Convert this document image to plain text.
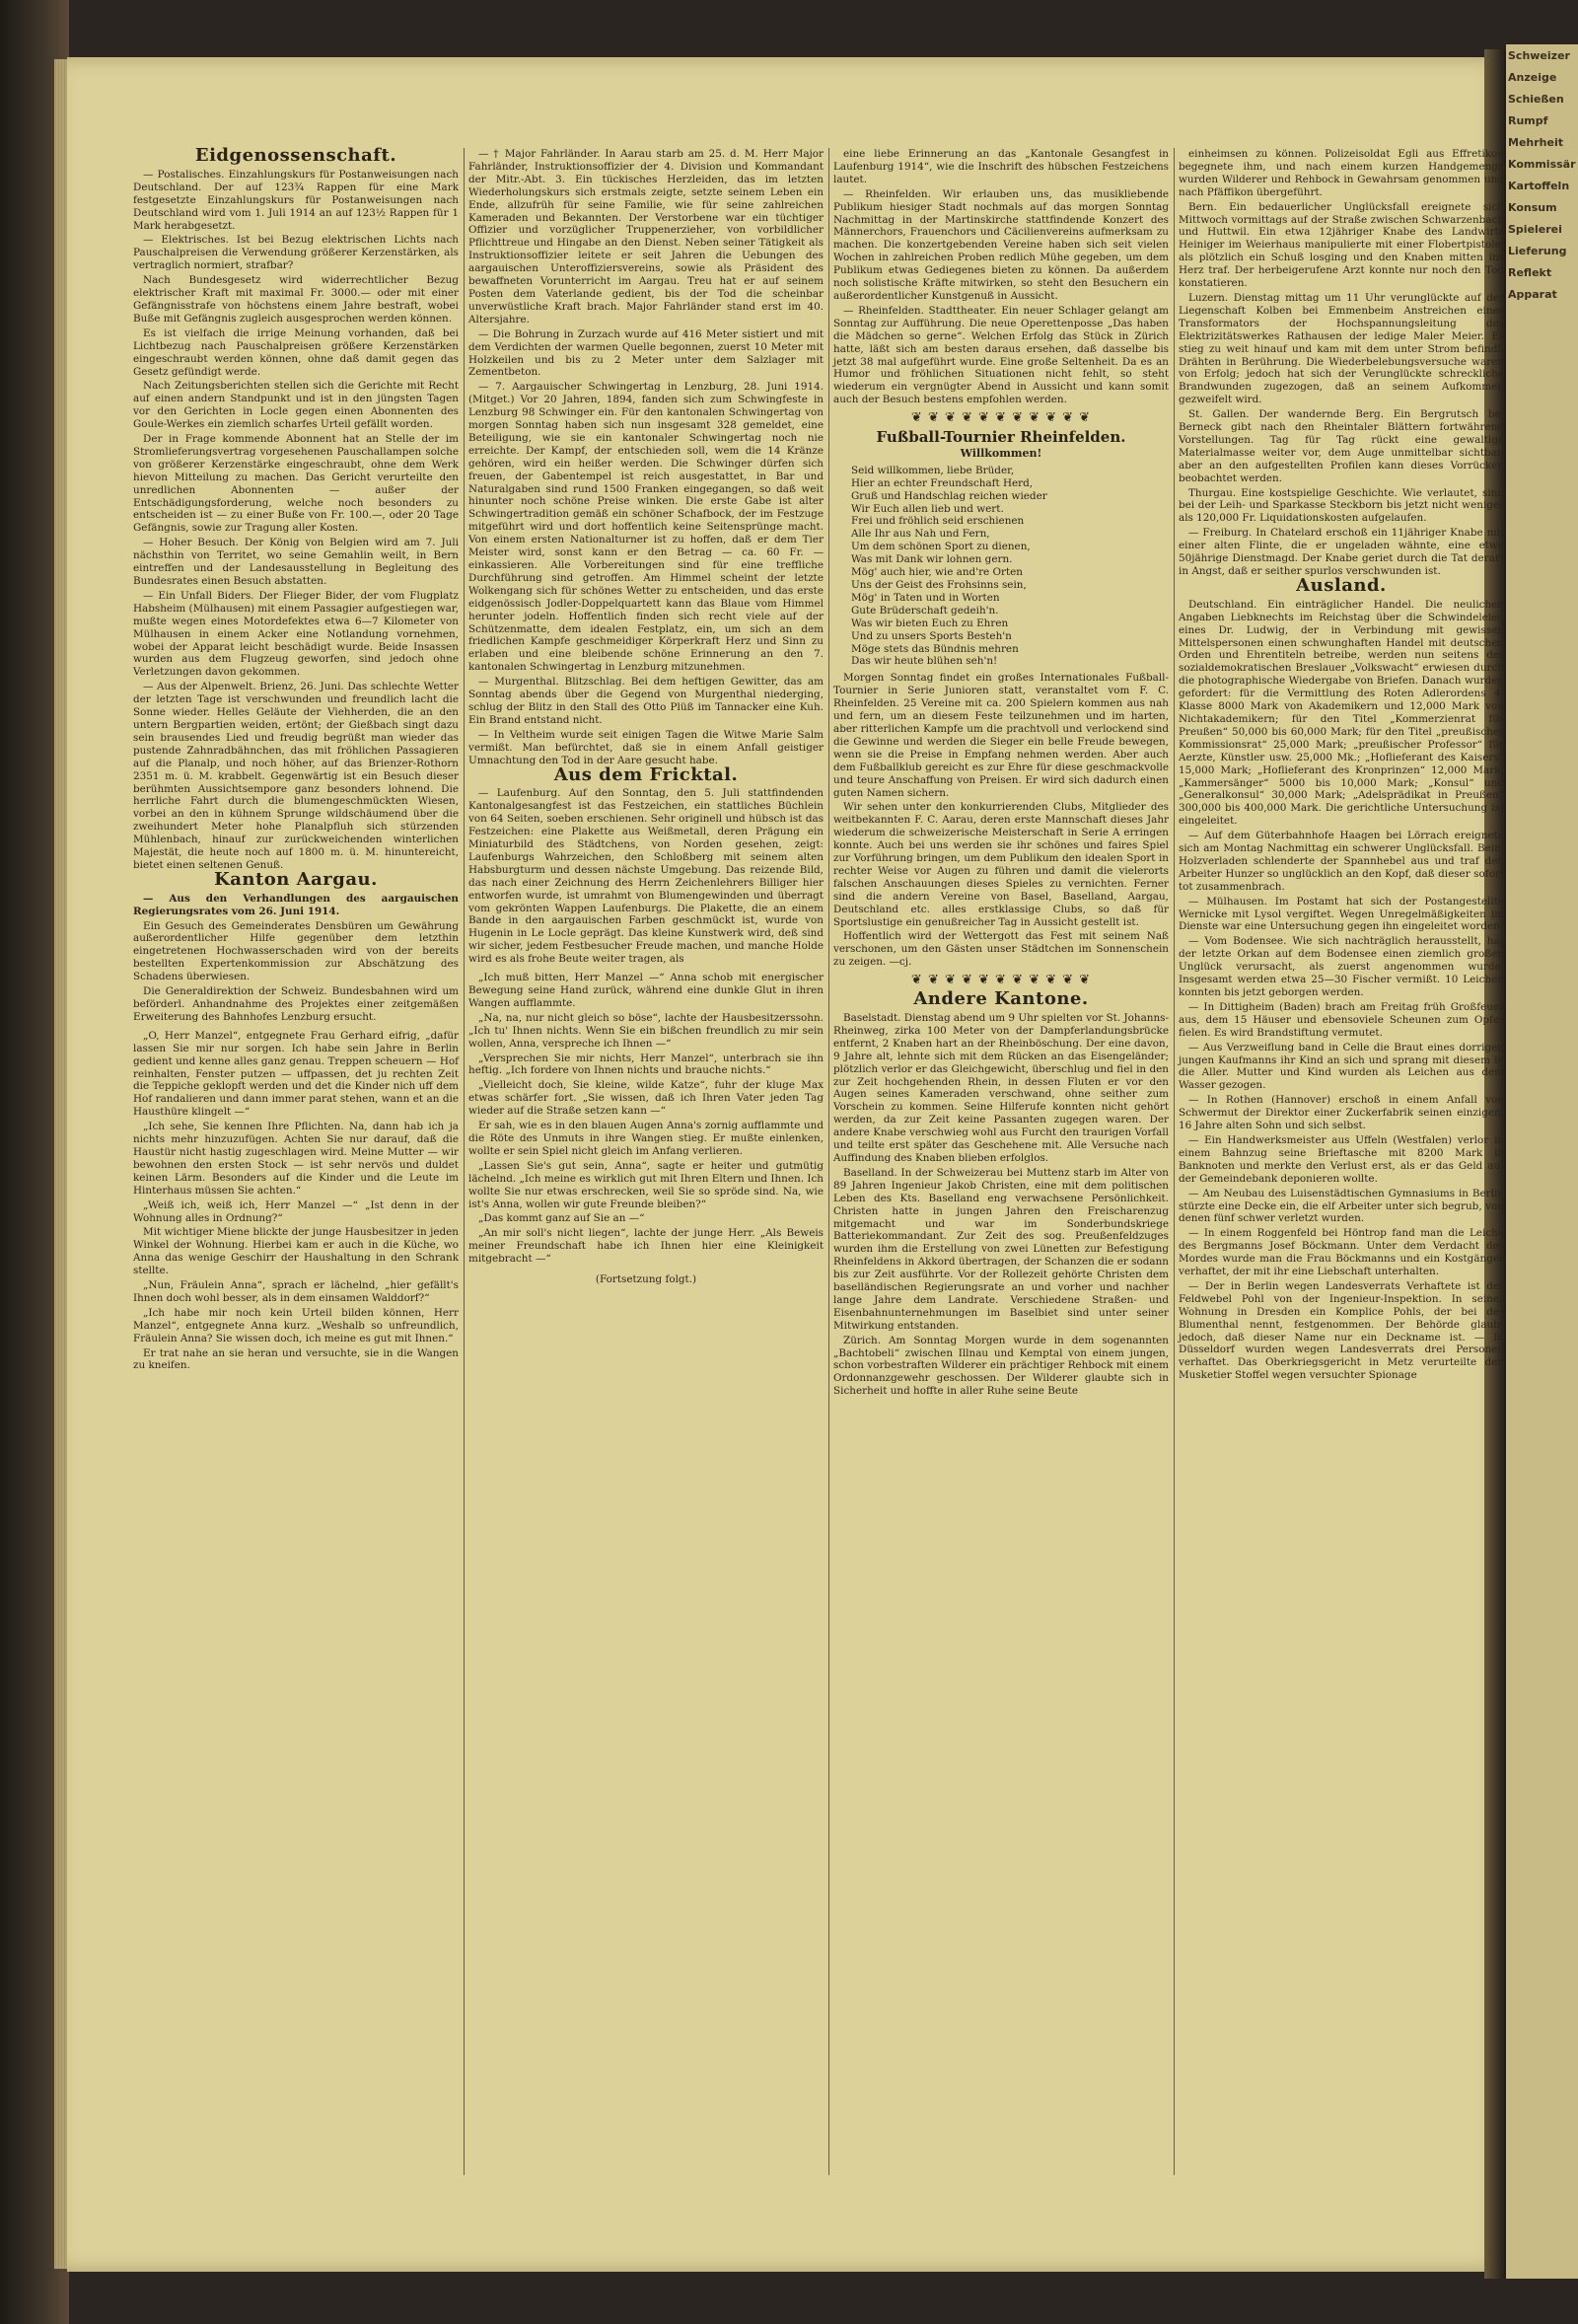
Schweizer
Anzeige
Schießen
Rumpf
Mehrheit
Kommissär
Kartoffeln
Konsum
Spielerei
Lieferung
Reflekt
Apparat
Eidgenossenschaft.

— Postalisches. Einzahlungskurs für Postanweisungen nach Deutschland. Der auf 123¾ Rappen für eine Mark festgesetzte Einzahlungskurs für Postanweisungen nach Deutschland wird vom 1. Juli 1914 an auf 123½ Rappen für 1 Mark herabgesetzt.

— Elektrisches. Ist bei Bezug elektrischen Lichts nach Pauschalpreisen die Verwendung größerer Kerzenstärken, als vertraglich normiert, strafbar?

Nach Bundesgesetz wird widerrechtlicher Bezug elektrischer Kraft mit maximal Fr. 3000.— oder mit einer Gefängnisstrafe von höchstens einem Jahre bestraft, wobei Buße mit Gefängnis zugleich ausgesprochen werden können.

Es ist vielfach die irrige Meinung vorhanden, daß bei Lichtbezug nach Pauschalpreisen größere Kerzenstärken eingeschraubt werden können, ohne daß damit gegen das Gesetz gefündigt werde.

Nach Zeitungsberichten stellen sich die Gerichte mit Recht auf einen andern Standpunkt und ist in den jüngsten Tagen vor den Gerichten in Locle gegen einen Abonnenten des Goule-Werkes ein ziemlich scharfes Urteil gefällt worden.

Der in Frage kommende Abonnent hat an Stelle der im Stromlieferungsvertrag vorgesehenen Pauschallampen solche von größerer Kerzenstärke eingeschraubt, ohne dem Werk hievon Mitteilung zu machen. Das Gericht verurteilte den unredlichen Abonnenten — außer der Entschädigungsforderung, welche noch besonders zu entscheiden ist — zu einer Buße von Fr. 100.—, oder 20 Tage Gefängnis, sowie zur Tragung aller Kosten.

— Hoher Besuch. Der König von Belgien wird am 7. Juli nächsthin von Territet, wo seine Gemahlin weilt, in Bern eintreffen und der Landesausstellung in Begleitung des Bundesrates einen Besuch abstatten.

— Ein Unfall Biders. Der Flieger Bider, der vom Flugplatz Habsheim (Mülhausen) mit einem Passagier aufgestiegen war, mußte wegen eines Motordefektes etwa 6—7 Kilometer von Mülhausen in einem Acker eine Notlandung vornehmen, wobei der Apparat leicht beschädigt wurde. Beide Insassen wurden aus dem Flugzeug geworfen, sind jedoch ohne Verletzungen davon gekommen.

— Aus der Alpenwelt. Brienz, 26. Juni. Das schlechte Wetter der letzten Tage ist verschwunden und freundlich lacht die Sonne wieder. Helles Geläute der Viehherden, die an den untern Bergpartien weiden, ertönt; der Gießbach singt dazu sein brausendes Lied und freudig begrüßt man wieder das pustende Zahnradbähnchen, das mit fröhlichen Passagieren auf die Planalp, und noch höher, auf das Brienzer-Rothorn 2351 m. ü. M. krabbelt. Gegenwärtig ist ein Besuch dieser berühmten Aussichtsempore ganz besonders lohnend. Die herrliche Fahrt durch die blumengeschmückten Wiesen, vorbei an den in kühnem Sprunge wildschäumend über die zweihundert Meter hohe Planalpfluh sich stürzenden Mühlenbach, hinauf zur zurückweichenden winterlichen Majestät, die heute noch auf 1800 m. ü. M. hinuntereicht, bietet einen seltenen Genuß.

Kanton Aargau.

— Aus den Verhandlungen des aargauischen Regierungsrates vom 26. Juni 1914.

Ein Gesuch des Gemeinderates Densbüren um Gewährung außerordentlicher Hilfe gegenüber dem letzthin eingetretenen Hochwasserschaden wird von der bereits bestellten Expertenkommission zur Abschätzung des Schadens überwiesen.

Die Generaldirektion der Schweiz. Bundesbahnen wird um beförderl. Anhandnahme des Projektes einer zeitgemäßen Erweiterung des Bahnhofes Lenzburg ersucht.

„O, Herr Manzel“, entgegnete Frau Gerhard eifrig, „dafür lassen Sie mir nur sorgen. Ich habe sein Jahre in Berlin gedient und kenne alles ganz genau. Treppen scheuern — Hof reinhalten, Fenster putzen — uffpassen, det ju rechten Zeit die Teppiche geklopft werden und det die Kinder nich uff dem Hof randalieren und dann immer parat stehen, wann et an die Hausthüre klingelt —“

„Ich sehe, Sie kennen Ihre Pflichten. Na, dann hab ich ja nichts mehr hinzuzufügen. Achten Sie nur darauf, daß die Haustür nicht hastig zugeschlagen wird. Meine Mutter — wir bewohnen den ersten Stock — ist sehr nervös und duldet keinen Lärm. Besonders auf die Kinder und die Leute im Hinterhaus müssen Sie achten.“

„Weiß ich, weiß ich, Herr Manzel —“ „Ist denn in der Wohnung alles in Ordnung?“

Mit wichtiger Miene blickte der junge Hausbesitzer in jeden Winkel der Wohnung. Hierbei kam er auch in die Küche, wo Anna das wenige Geschirr der Haushaltung in den Schrank stellte.

„Nun, Fräulein Anna“, sprach er lächelnd, „hier gefällt's Ihnen doch wohl besser, als in dem einsamen Walddorf?“

„Ich habe mir noch kein Urteil bilden können, Herr Manzel“, entgegnete Anna kurz. „Weshalb so unfreundlich, Fräulein Anna? Sie wissen doch, ich meine es gut mit Ihnen.“

Er trat nahe an sie heran und versuchte, sie in die Wangen zu kneifen.

— † Major Fahrländer. In Aarau starb am 25. d. M. Herr Major Fahrländer, Instruktionsoffizier der 4. Division und Kommandant der Mitr.-Abt. 3. Ein tückisches Herzleiden, das im letzten Wiederholungskurs sich erstmals zeigte, setzte seinem Leben ein Ende, allzufrüh für seine Familie, wie für seine zahlreichen Kameraden und Bekannten. Der Verstorbene war ein tüchtiger Offizier und vorzüglicher Truppenerzieher, von vorbildlicher Pflichttreue und Hingabe an den Dienst. Neben seiner Tätigkeit als Instruktionsoffizier leitete er seit Jahren die Uebungen des aargauischen Unteroffiziersvereins, sowie als Präsident des bewaffneten Vorunterricht im Aargau. Treu hat er auf seinem Posten dem Vaterlande gedient, bis der Tod die scheinbar unverwüstliche Kraft brach. Major Fahrländer stand erst im 40. Altersjahre.

— Die Bohrung in Zurzach wurde auf 416 Meter sistiert und mit dem Verdichten der warmen Quelle begonnen, zuerst 10 Meter mit Holzkeilen und bis zu 2 Meter unter dem Salzlager mit Zementbeton.

— 7. Aargauischer Schwingertag in Lenzburg, 28. Juni 1914. (Mitget.) Vor 20 Jahren, 1894, fanden sich zum Schwingfeste in Lenzburg 98 Schwinger ein. Für den kantonalen Schwingertag von morgen Sonntag haben sich nun insgesamt 328 gemeldet, eine Beteiligung, wie sie ein kantonaler Schwingertag noch nie erreichte. Der Kampf, der entschieden soll, wem die 14 Kränze gehören, wird ein heißer werden. Die Schwinger dürfen sich freuen, der Gabentempel ist reich ausgestattet, in Bar und Naturalgaben sind rund 1500 Franken eingegangen, so daß weit hinunter noch schöne Preise winken. Die erste Gabe ist alter Schwingertradition gemäß ein schöner Schafbock, der im Festzuge mitgeführt wird und dort hoffentlich keine Seitensprünge macht. Von einem ersten Nationalturner ist zu hoffen, daß er dem Tier Meister wird, sonst kann er den Betrag — ca. 60 Fr. — einkassieren. Alle Vorbereitungen sind für eine treffliche Durchführung sind getroffen. Am Himmel scheint der letzte Wolkengang sich für schönes Wetter zu entscheiden, und das erste eidgenössisch Jodler-Doppelquartett kann das Blaue vom Himmel herunter jodeln. Hoffentlich finden sich recht viele auf der Schützenmatte, dem idealen Festplatz, ein, um sich an dem friedlichen Kampfe geschmeidiger Körperkraft Herz und Sinn zu erlaben und eine bleibende schöne Erinnerung an den 7. kantonalen Schwingertag in Lenzburg mitzunehmen.

— Murgenthal. Blitzschlag. Bei dem heftigen Gewitter, das am Sonntag abends über die Gegend von Murgenthal niederging, schlug der Blitz in den Stall des Otto Plüß im Tannacker eine Kuh. Ein Brand entstand nicht.

— In Veltheim wurde seit einigen Tagen die Witwe Marie Salm vermißt. Man befürchtet, daß sie in einem Anfall geistiger Umnachtung den Tod in der Aare gesucht habe.

Aus dem Fricktal.

— Laufenburg. Auf den Sonntag, den 5. Juli stattfindenden Kantonalgesangfest ist das Festzeichen, ein stattliches Büchlein von 64 Seiten, soeben erschienen. Sehr originell und hübsch ist das Festzeichen: eine Plakette aus Weißmetall, deren Prägung ein Miniaturbild des Städtchens, von Norden gesehen, zeigt: Laufenburgs Wahrzeichen, den Schloßberg mit seinem alten Habsburgturm und dessen nächste Umgebung. Das reizende Bild, das nach einer Zeichnung des Herrn Zeichenlehrers Billiger hier entworfen wurde, ist umrahmt von Blumengewinden und überragt vom gekrönten Wappen Laufenburgs. Die Plakette, die an einem Bande in den aargauischen Farben geschmückt ist, wurde von Hugenin in Le Locle geprägt. Das kleine Kunstwerk wird, deß sind wir sicher, jedem Festbesucher Freude machen, und manche Holde wird es als frohe Beute weiter tragen, als

„Ich muß bitten, Herr Manzel —“ Anna schob mit energischer Bewegung seine Hand zurück, während eine dunkle Glut in ihren Wangen aufflammte.

„Na, na, nur nicht gleich so böse“, lachte der Hausbesitzerssohn. „Ich tu' Ihnen nichts. Wenn Sie ein bißchen freundlich zu mir sein wollen, Anna, verspreche ich Ihnen —“

„Versprechen Sie mir nichts, Herr Manzel“, unterbrach sie ihn heftig. „Ich fordere von Ihnen nichts und brauche nichts.“

„Vielleicht doch, Sie kleine, wilde Katze“, fuhr der kluge Max etwas schärfer fort. „Sie wissen, daß ich Ihren Vater jeden Tag wieder auf die Straße setzen kann —“

Er sah, wie es in den blauen Augen Anna's zornig aufflammte und die Röte des Unmuts in ihre Wangen stieg. Er mußte einlenken, wollte er sein Spiel nicht gleich im Anfang verlieren.

„Lassen Sie's gut sein, Anna“, sagte er heiter und gutmütig lächelnd. „Ich meine es wirklich gut mit Ihren Eltern und Ihnen. Ich wollte Sie nur etwas erschrecken, weil Sie so spröde sind. Na, wie ist's Anna, wollen wir gute Freunde bleiben?“

„Das kommt ganz auf Sie an —“

„An mir soll's nicht liegen“, lachte der junge Herr. „Als Beweis meiner Freundschaft habe ich Ihnen hier eine Kleinigkeit mitgebracht —“

(Fortsetzung folgt.)

eine liebe Erinnerung an das „Kantonale Gesangfest in Laufenburg 1914“, wie die Inschrift des hübschen Festzeichens lautet.

— Rheinfelden. Wir erlauben uns, das musikliebende Publikum hiesiger Stadt nochmals auf das morgen Sonntag Nachmittag in der Martinskirche stattfindende Konzert des Männerchors, Frauenchors und Cäcilienvereins aufmerksam zu machen. Die konzertgebenden Vereine haben sich seit vielen Wochen in zahlreichen Proben redlich Mühe gegeben, um dem Publikum etwas Gediegenes bieten zu können. Da außerdem noch solistische Kräfte mitwirken, so steht den Besuchern ein außerordentlicher Kunstgenuß in Aussicht.

— Rheinfelden. Stadttheater. Ein neuer Schlager gelangt am Sonntag zur Aufführung. Die neue Operettenposse „Das haben die Mädchen so gerne“. Welchen Erfolg das Stück in Zürich hatte, läßt sich am besten daraus ersehen, daß dasselbe bis jetzt 38 mal aufgeführt wurde. Eine große Seltenheit. Da es an Humor und fröhlichen Situationen nicht fehlt, so steht wiederum ein vergnügter Abend in Aussicht und kann somit auch der Besuch bestens empfohlen werden.

❦ ❦ ❦ ❦ ❦ ❦ ❦ ❦ ❦ ❦ ❦
Fußball-Tournier Rheinfelden.
Willkommen!
Seid willkommen, liebe Brüder,
Hier an echter Freundschaft Herd,
Gruß und Handschlag reichen wieder
Wir Euch allen lieb und wert.
Frei und fröhlich seid erschienen
Alle Ihr aus Nah und Fern,
Um dem schönen Sport zu dienen,
Was mit Dank wir lohnen gern.
Mög' auch hier, wie and're Orten
Uns der Geist des Frohsinns sein,
Mög' in Taten und in Worten
Gute Brüderschaft gedeih'n.
Was wir bieten Euch zu Ehren
Und zu unsers Sports Besteh'n
Möge stets das Bündnis mehren
Das wir heute blühen seh'n!

Morgen Sonntag findet ein großes Internationales Fußball-Tournier in Serie Junioren statt, veranstaltet vom F. C. Rheinfelden. 25 Vereine mit ca. 200 Spielern kommen aus nah und fern, um an diesem Feste teilzunehmen und im harten, aber ritterlichen Kampfe um die prachtvoll und verlockend sind die Gewinne und werden die Sieger ein belle Freude bewegen, wenn sie die Preise in Empfang nehmen werden. Aber auch dem Fußballklub gereicht es zur Ehre für diese geschmackvolle und teure Anschaffung von Preisen. Er wird sich dadurch einen guten Namen sichern.

Wir sehen unter den konkurrierenden Clubs, Mitglieder des weitbekannten F. C. Aarau, deren erste Mannschaft dieses Jahr wiederum die schweizerische Meisterschaft in Serie A erringen konnte. Auch bei uns werden sie ihr schönes und faires Spiel zur Vorführung bringen, um dem Publikum den idealen Sport in rechter Weise vor Augen zu führen und damit die vielerorts falschen Anschauungen dieses Spieles zu vernichten. Ferner sind die andern Vereine von Basel, Baselland, Aargau, Deutschland etc. alles erstklassige Clubs, so daß für Sportslustige ein genußreicher Tag in Aussicht gestellt ist.

Hoffentlich wird der Wettergott das Fest mit seinem Naß verschonen, um den Gästen unser Städtchen im Sonnenschein zu zeigen. —cj.

❦ ❦ ❦ ❦ ❦ ❦ ❦ ❦ ❦ ❦ ❦
Andere Kantone.

Baselstadt. Dienstag abend um 9 Uhr spielten vor St. Johanns-Rheinweg, zirka 100 Meter von der Dampferlandungsbrücke entfernt, 2 Knaben hart an der Rheinböschung. Der eine davon, 9 Jahre alt, lehnte sich mit dem Rücken an das Eisengeländer; plötzlich verlor er das Gleichgewicht, überschlug und fiel in den zur Zeit hochgehenden Rhein, in dessen Fluten er vor den Augen seines Kameraden verschwand, ohne seither zum Vorschein zu kommen. Seine Hilferufe konnten nicht gehört werden, da zur Zeit keine Passanten zugegen waren. Der andere Knabe verschwieg wohl aus Furcht den traurigen Vorfall und teilte erst später das Geschehene mit. Alle Versuche nach Auffindung des Knaben blieben erfolglos.

Baselland. In der Schweizerau bei Muttenz starb im Alter von 89 Jahren Ingenieur Jakob Christen, eine mit dem politischen Leben des Kts. Baselland eng verwachsene Persönlichkeit. Christen hatte in jungen Jahren den Freischarenzug mitgemacht und war im Sonderbundskriege Batteriekommandant. Zur Zeit des sog. Preußenfeldzuges wurden ihm die Erstellung von zwei Lünetten zur Befestigung Rheinfeldens in Akkord übertragen, der Schanzen die er sodann bis zur Zeit ausführte. Vor der Rollezeit gehörte Christen dem baselländischen Regierungsrate an und vorher und nachher lange Jahre dem Landrate. Verschiedene Straßen- und Eisenbahnunternehmungen im Baselbiet sind unter seiner Mitwirkung entstanden.

Zürich. Am Sonntag Morgen wurde in dem sogenannten „Bachtobeli“ zwischen Illnau und Kemptal von einem jungen, schon vorbestraften Wilderer ein prächtiger Rehbock mit einem Ordonnanzgewehr geschossen. Der Wilderer glaubte sich in Sicherheit und hoffte in aller Ruhe seine Beute

einheimsen zu können. Polizeisoldat Egli aus Effretikon begegnete ihm, und nach einem kurzen Handgemenge wurden Wilderer und Rehbock in Gewahrsam genommen und nach Pfäffikon übergeführt.

Bern. Ein bedauerlicher Unglücksfall ereignete sich Mittwoch vormittags auf der Straße zwischen Schwarzenbach und Huttwil. Ein etwa 12jähriger Knabe des Landwirts Heiniger im Weierhaus manipulierte mit einer Flobertpistole, als plötzlich ein Schuß losging und den Knaben mitten ins Herz traf. Der herbeigerufene Arzt konnte nur noch den Tod konstatieren.

Luzern. Dienstag mittag um 11 Uhr verunglückte auf der Liegenschaft Kolben bei Emmenbeim Anstreichen eines Transformators der Hochspannungsleitung des Elektrizitätswerkes Rathausen der ledige Maler Meier. Er stieg zu weit hinauf und kam mit dem unter Strom befindl. Drähten in Berührung. Die Wiederbelebungsversuche waren von Erfolg; jedoch hat sich der Verunglückte schreckliche Brandwunden zugezogen, daß an seinem Aufkommen gezweifelt wird.

St. Gallen. Der wandernde Berg. Ein Bergrutsch bei Berneck gibt nach den Rheintaler Blättern fortwährend Vorstellungen. Tag für Tag rückt eine gewaltige Materialmasse weiter vor, dem Auge unmittelbar sichtbar, aber an den aufgestellten Profilen kann dieses Vorrücken beobachtet werden.

Thurgau. Eine kostspielige Geschichte. Wie verlautet, sind bei der Leih- und Sparkasse Steckborn bis jetzt nicht weniger als 120,000 Fr. Liquidationskosten aufgelaufen.

— Freiburg. In Chatelard erschoß ein 11jähriger Knabe mit einer alten Flinte, die er ungeladen wähnte, eine etwa 50jährige Dienstmagd. Der Knabe geriet durch die Tat derart in Angst, daß er seither spurlos verschwunden ist.

Ausland.

Deutschland. Ein einträglicher Handel. Die neulichen Angaben Liebknechts im Reichstag über die Schwindeleien eines Dr. Ludwig, der in Verbindung mit gewissen Mittelspersonen einen schwunghaften Handel mit deutschen Orden und Ehrentiteln betreibe, werden nun seitens der sozialdemokratischen Breslauer „Volkswacht“ erwiesen durch die photographische Wiedergabe von Briefen. Danach wurden gefordert: für die Vermittlung des Roten Adlerordens 4. Klasse 8000 Mark von Akademikern und 12,000 Mark von Nichtakademikern; für den Titel „Kommerzienrat für Preußen“ 50,000 bis 60,000 Mark; für den Titel „preußischer Kommissionsrat“ 25,000 Mark; „preußischer Professor“ für Aerzte, Künstler usw. 25,000 Mk.; „Hoflieferant des Kaisers“ 15,000 Mark; „Hoflieferant des Kronprinzen“ 12,000 Mark; „Kammersänger“ 5000 bis 10,000 Mark; „Konsul“ und „Generalkonsul“ 30,000 Mark; „Adelsprädikat in Preußen“ 300,000 bis 400,000 Mark. Die gerichtliche Untersuchung ist eingeleitet.

— Auf dem Güterbahnhofe Haagen bei Lörrach ereignete sich am Montag Nachmittag ein schwerer Unglücksfall. Beim Holzverladen schlenderte der Spannhebel aus und traf den Arbeiter Hunzer so unglücklich an den Kopf, daß dieser sofort tot zusammenbrach.

— Mülhausen. Im Postamt hat sich der Postangestellte Wernicke mit Lysol vergiftet. Wegen Unregelmäßigkeiten im Dienste war eine Untersuchung gegen ihn eingeleitet worden.

— Vom Bodensee. Wie sich nachträglich herausstellt, hat der letzte Orkan auf dem Bodensee einen ziemlich großen Unglück verursacht, als zuerst angenommen wurde. Insgesamt werden etwa 25—30 Fischer vermißt. 10 Leichen konnten bis jetzt geborgen werden.

— In Dittigheim (Baden) brach am Freitag früh Großfeuer aus, dem 15 Häuser und ebensoviele Scheunen zum Opfer fielen. Es wird Brandstiftung vermutet.

— Aus Verzweiflung band in Celle die Braut eines dorrigen jungen Kaufmanns ihr Kind an sich und sprang mit diesem in die Aller. Mutter und Kind wurden als Leichen aus dem Wasser gezogen.

— In Rothen (Hannover) erschoß in einem Anfall von Schwermut der Direktor einer Zuckerfabrik seinen einzigen, 16 Jahre alten Sohn und sich selbst.

— Ein Handwerksmeister aus Uffeln (Westfalen) verlor in einem Bahnzug seine Brieftasche mit 8200 Mark in Banknoten und merkte den Verlust erst, als er das Geld auf der Gemeindebank deponieren wollte.

— Am Neubau des Luisenstädtischen Gymnasiums in Berlin stürzte eine Decke ein, die elf Arbeiter unter sich begrub, von denen fünf schwer verletzt wurden.

— In einem Roggenfeld bei Höntrop fand man die Leiche des Bergmanns Josef Böckmann. Unter dem Verdacht des Mordes wurde man die Frau Böckmanns und ein Kostgänger verhaftet, der mit ihr eine Liebschaft unterhalten.

— Der in Berlin wegen Landesverrats Verhaftete ist der Feldwebel Pohl von der Ingenieur-Inspektion. In seiner Wohnung in Dresden ein Komplice Pohls, der bei der Blumenthal nennt, festgenommen. Der Behörde glaubt jedoch, daß dieser Name nur ein Deckname ist. — In Düsseldorf wurden wegen Landesverrats drei Personen verhaftet. Das Oberkriegsgericht in Metz verurteilte den Musketier Stoffel wegen versuchter Spionage
